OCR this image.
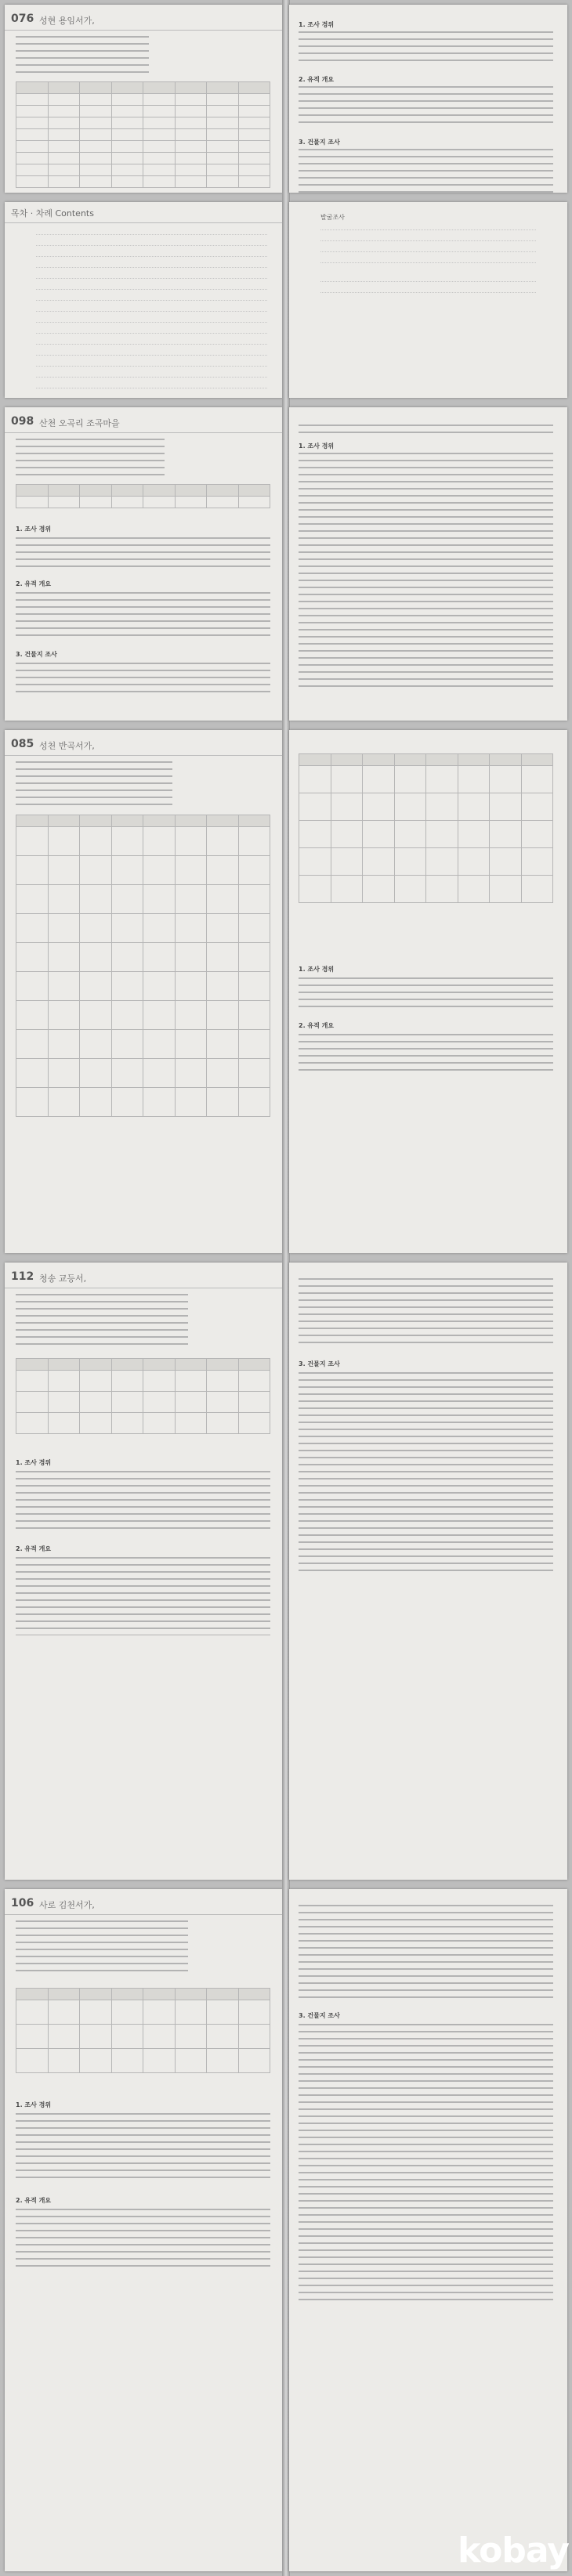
076 성현 용임서가,

								1. 조사 경위
2. 유적 개요
3. 건물지 조사
목차 · 차례 Contents	발굴조사
098 산천 오곡리 조곡마을

1. 조사 경위
2. 유적 개요
3. 건물지 조사
1. 조사 경위
085 성천 반곡서가,

1. 조사 경위
2. 유적 개요
112 청송 교등서,

1. 조사 경위
2. 유적 개요
3. 건물지 조사
106 사로 김천서가,

1. 조사 경위
2. 유적 개요
3. 건물지 조사
kobay
